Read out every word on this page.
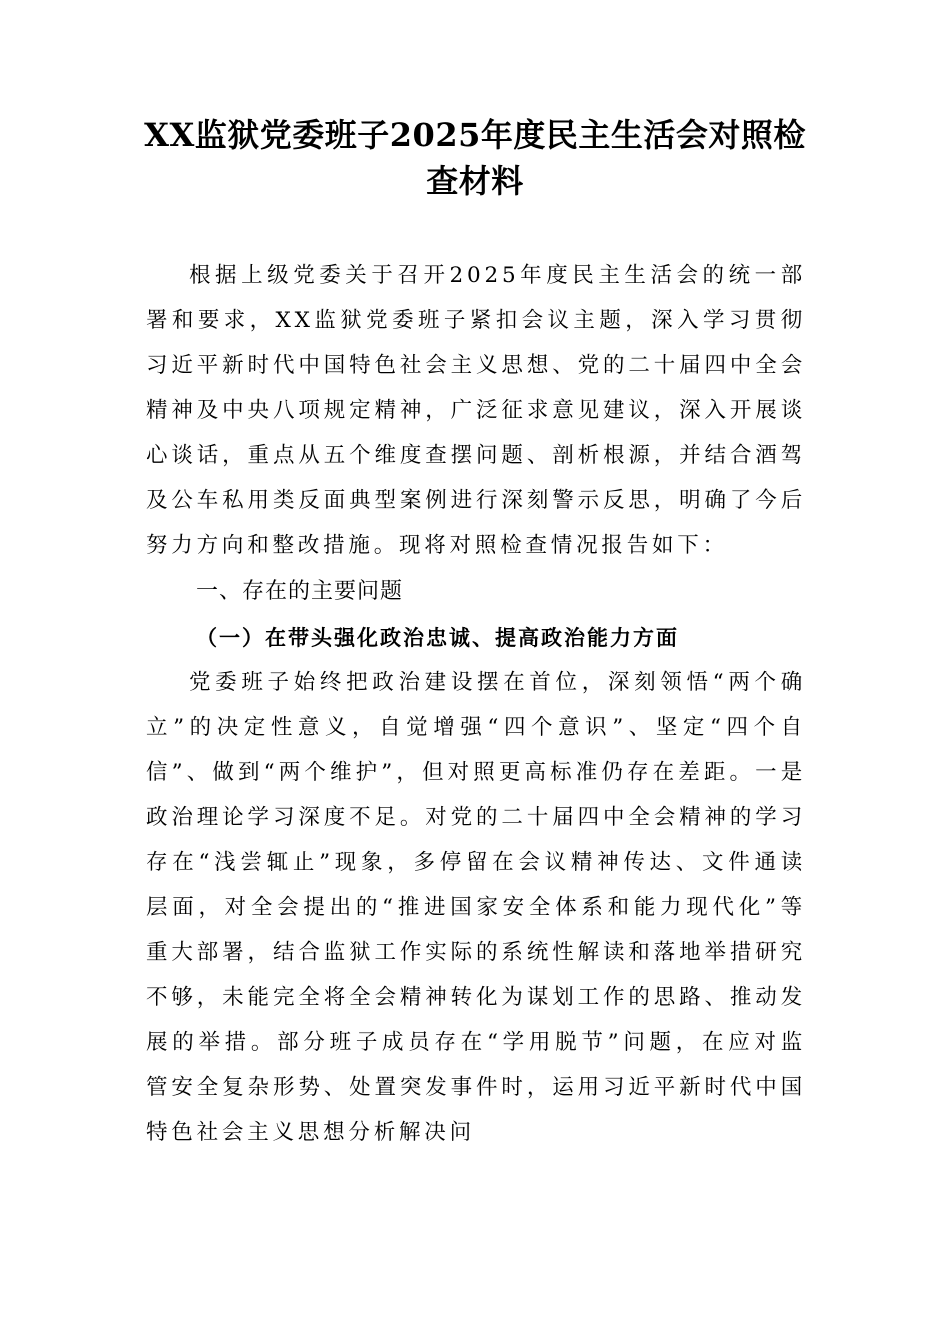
XX监狱党委班子2025年度民主生活会对照检查材料

根据上级党委关于召开2025年度民主生活会的统一部署和要求，XX监狱党委班子紧扣会议主题，深入学习贯彻习近平新时代中国特色社会主义思想、党的二十届四中全会精神及中央八项规定精神，广泛征求意见建议，深入开展谈心谈话，重点从五个维度查摆问题、剖析根源，并结合酒驾及公车私用类反面典型案例进行深刻警示反思，明确了今后努力方向和整改措施。现将对照检查情况报告如下：

一、存在的主要问题

（一）在带头强化政治忠诚、提高政治能力方面

党委班子始终把政治建设摆在首位，深刻领悟“两个确立”的决定性意义，自觉增强“四个意识”、坚定“四个自信”、做到“两个维护”，但对照更高标准仍存在差距。一是政治理论学习深度不足。对党的二十届四中全会精神的学习存在“浅尝辄止”现象，多停留在会议精神传达、文件通读层面，对全会提出的“推进国家安全体系和能力现代化”等重大部署，结合监狱工作实际的系统性解读和落地举措研究不够，未能完全将全会精神转化为谋划工作的思路、推动发展的举措。部分班子成员存在“学用脱节”问题，在应对监管安全复杂形势、处置突发事件时，运用习近平新时代中国特色社会主义思想分析解决问
